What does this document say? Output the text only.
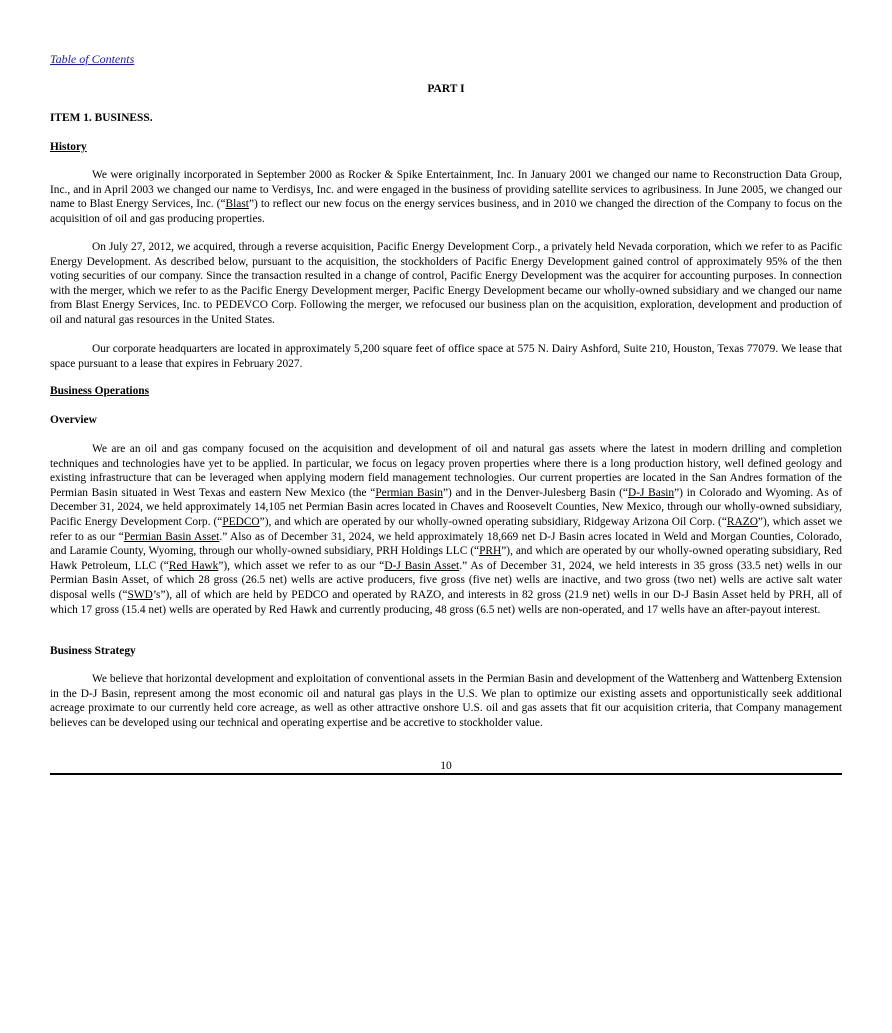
Table of Contents
PART I
ITEM 1. BUSINESS.
History

We were originally incorporated in September 2000 as Rocker & Spike Entertainment, Inc. In January 2001 we changed our name to Reconstruction Data Group, Inc., and in April 2003 we changed our name to Verdisys, Inc. and were engaged in the business of providing satellite services to agribusiness. In June 2005, we changed our name to Blast Energy Services, Inc. (“Blast”) to reflect our new focus on the energy services business, and in 2010 we changed the direction of the Company to focus on the acquisition of oil and gas producing properties.

On July 27, 2012, we acquired, through a reverse acquisition, Pacific Energy Development Corp., a privately held Nevada corporation, which we refer to as Pacific Energy Development. As described below, pursuant to the acquisition, the stockholders of Pacific Energy Development gained control of approximately 95% of the then voting securities of our company. Since the transaction resulted in a change of control, Pacific Energy Development was the acquirer for accounting purposes. In connection with the merger, which we refer to as the Pacific Energy Development merger, Pacific Energy Development became our wholly-owned subsidiary and we changed our name from Blast Energy Services, Inc. to PEDEVCO Corp. Following the merger, we refocused our business plan on the acquisition, exploration, development and production of oil and natural gas resources in the United States.

Our corporate headquarters are located in approximately 5,200 square feet of office space at 575 N. Dairy Ashford, Suite 210, Houston, Texas 77079. We lease that space pursuant to a lease that expires in February 2027.

Business Operations
Overview

We are an oil and gas company focused on the acquisition and development of oil and natural gas assets where the latest in modern drilling and completion techniques and technologies have yet to be applied. In particular, we focus on legacy proven properties where there is a long production history, well defined geology and existing infrastructure that can be leveraged when applying modern field management technologies. Our current properties are located in the San Andres formation of the Permian Basin situated in West Texas and eastern New Mexico (the “Permian Basin”) and in the Denver-Julesberg Basin (“D-J Basin”) in Colorado and Wyoming. As of December 31, 2024, we held approximately 14,105 net Permian Basin acres located in Chaves and Roosevelt Counties, New Mexico, through our wholly-owned subsidiary, Pacific Energy Development Corp. (“PEDCO”), and which are operated by our wholly-owned operating subsidiary, Ridgeway Arizona Oil Corp. (“RAZO”), which asset we refer to as our “Permian Basin Asset.” Also as of December 31, 2024, we held approximately 18,669 net D-J Basin acres located in Weld and Morgan Counties, Colorado, and Laramie County, Wyoming, through our wholly-owned subsidiary, PRH Holdings LLC (“PRH”), and which are operated by our wholly-owned operating subsidiary, Red Hawk Petroleum, LLC (“Red Hawk”), which asset we refer to as our “D-J Basin Asset.” As of December 31, 2024, we held interests in 35 gross (33.5 net) wells in our Permian Basin Asset, of which 28 gross (26.5 net) wells are active producers, five gross (five net) wells are inactive, and two gross (two net) wells are active salt water disposal wells (“SWD’s”), all of which are held by PEDCO and operated by RAZO, and interests in 82 gross (21.9 net) wells in our D-J Basin Asset held by PRH, all of which 17 gross (15.4 net) wells are operated by Red Hawk and currently producing, 48 gross (6.5 net) wells are non-operated, and 17 wells have an after-payout interest.

Business Strategy

We believe that horizontal development and exploitation of conventional assets in the Permian Basin and development of the Wattenberg and Wattenberg Extension in the D-J Basin, represent among the most economic oil and natural gas plays in the U.S. We plan to optimize our existing assets and opportunistically seek additional acreage proximate to our currently held core acreage, as well as other attractive onshore U.S. oil and gas assets that fit our acquisition criteria, that Company management believes can be developed using our technical and operating expertise and be accretive to stockholder value.

10
